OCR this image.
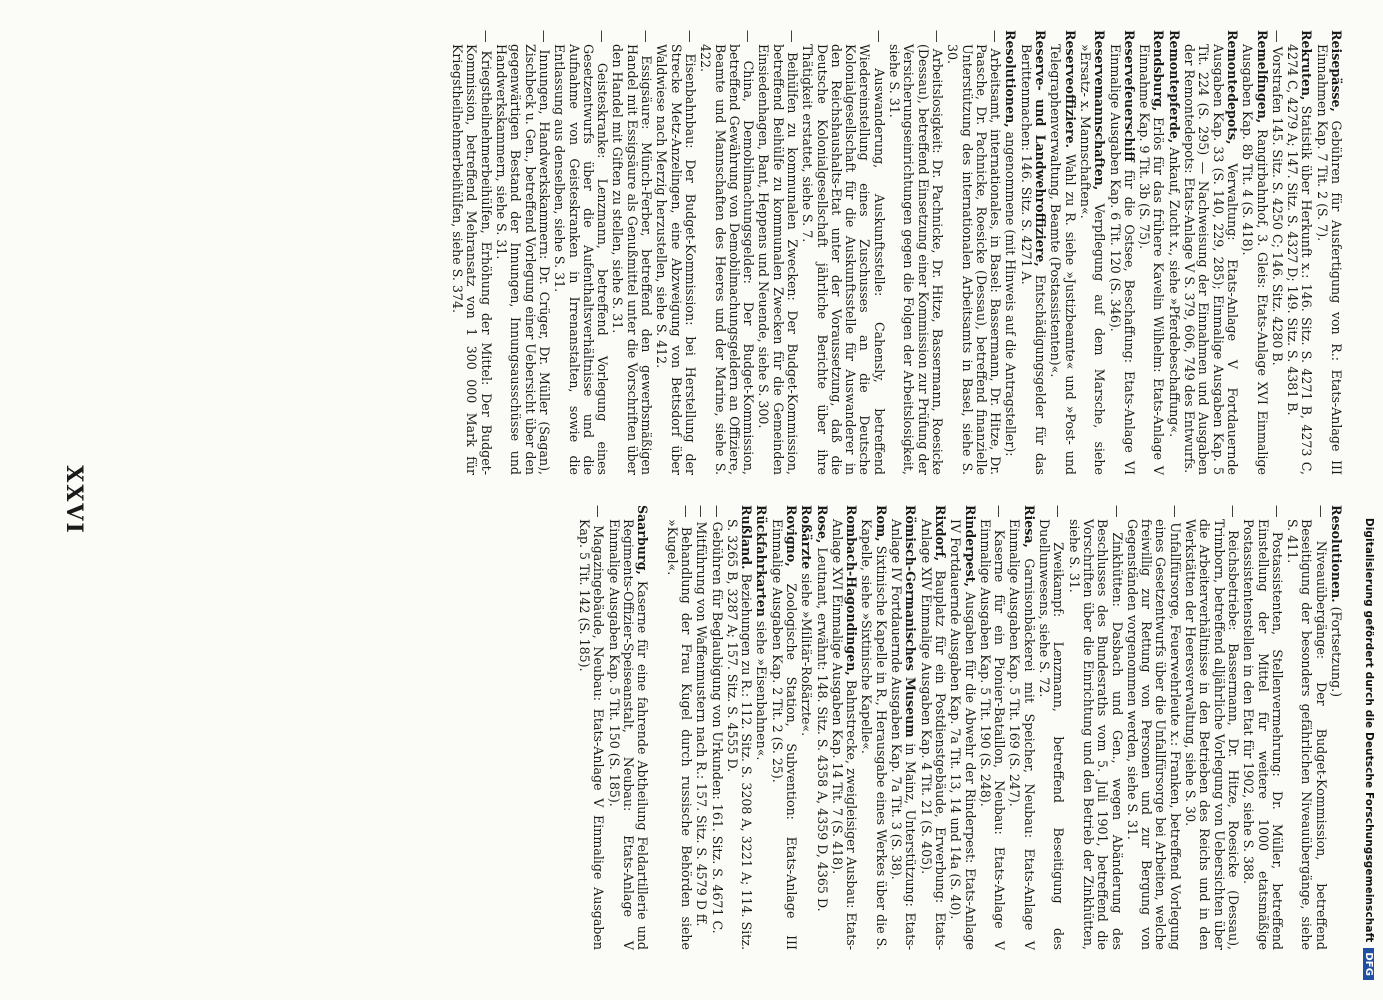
Digitalisierung gefördert durch die Deutsche ForschungsgemeinschaftDFG
Reisepässe, Gebühren für Ausfertigung von R.: Etats-Anlage III Einnahmen Kap. 7 Tit. 2 (S. 7).
Rekruten, Statistik über Herkunft x.: 146. Sitz. S. 4271 B, 4273 C, 4274 C, 4279 A; 147. Sitz. S. 4327 D; 149. Sitz. S. 4381 B.
— Vorstrafen 145. Sitz. S. 4250 C; 146. Sitz. 4280 B.
Remelfingen, Rangirbahnhof, 3. Gleis: Etats-Anlage XVI Einmalige Ausgaben Kap. 8b Tit. 4 (S. 418).
Remontedepots, Verwaltung: Etats-Anlage V Fortdauernde Ausgaben Kap. 33 (S. 140, 229, 285); Einmalige Ausgaben Kap. 5 Tit. 224 (S. 295) — Nachweisung der Einnahmen und Ausgaben der Remontedepots: Etats-Anlage V S. 379, 606, 749 des Entwurfs.
Remontepferde, Ankauf, Zucht x., siehe »Pferdebeschaffung«.
Rendsburg, Erlös für das frühere Kavelin Wilhelm: Etats-Anlage V Einnahme Kap. 9 Tit. 3b (S. 75).
Reservefeuerschiff für die Ostsee, Beschaffung: Etats-Anlage VI Einmalige Ausgaben Kap. 6 Tit. 120 (S. 346).
Reservemannschaften, Verpflegung auf dem Marsche, siehe »Ersatz- x. Mannschaften«.
Reserveoffiziere. Wahl zu R. siehe »Justizbeamte« und »Post- und Telegraphenverwaltung, Beamte (Postassistenten)«.
Reserve- und Landwehroffiziere, Entschädigungsgelder für das Berittenmachen: 146. Sitz. S. 4271 A.
Resolutionen, angenommene (mit Hinweis auf die Antragsteller):
— Arbeitsamt, internationales, in Basel: Bassermann, Dr. Hitze, Dr. Paasche, Dr. Pachnicke, Roesicke (Dessau), betreffend finanzielle Unterstützung des internationalen Arbeitsamts in Basel, siehe S. 30.
— Arbeitslosigkeit: Dr. Pachnicke, Dr. Hitze, Bassermann, Roesicke (Dessau), betreffend Einsetzung einer Kommission zur Prüfung der Versicherungseinrichtungen gegen die Folgen der Arbeitslosigkeit, siehe S. 31.
— Auswanderung, Auskunftsstelle: Cahensly, betreffend Wiedereinstellung eines Zuschusses an die Deutsche Kolonialgesellschaft für die Auskunftsstelle für Auswanderer in den Reichshaushalts-Etat unter der Voraussetzung, daß die Deutsche Kolonialgesellschaft jährliche Berichte über ihre Thätigkeit erstattet, siehe S. 7.
— Beihülfen zu kommunalen Zwecken: Der Budget-Kommission, betreffend Beihülfe zu kommunalen Zwecken für die Gemeinden Einsiedenhagen, Bant, Heppens und Neuende, siehe S. 300.
— China, Demobilmachungsgelder: Der Budget-Kommission, betreffend Gewährung von Demobilmachungsgeldern an Offiziere, Beamte und Mannschaften des Heeres und der Marine, siehe S. 422.
— Eisenbahnbau: Der Budget-Kommission: bei Herstellung der Strecke Metz-Anzelingen, eine Abzweigung von Bettsdorf über Waldwiese nach Merzig herzustellen, siehe S. 412.
— Essigsäure: Münch-Ferber, betreffend den gewerbsmäßigen Handel mit Essigsäure als Genußmittel unter die Vorschriften über den Handel mit Giften zu stellen, siehe S. 31.
— Geisteskranke: Lenzmann, betreffend Vorlegung eines Gesetzentwurfs über die Aufenthaltsverhältnisse und die Aufnahme von Geisteskranken in Irrenanstalten, sowie die Entlassung aus denselben, siehe S. 31.
— Innungen, Handwerkskammern: Dr. Crüger, Dr. Müller (Sagan), Zischbeck u. Gen., betreffend Vorlegung einer Uebersicht über den gegenwärtigen Bestand der Innungen, Innungsausschüsse und Handwerkskammern, siehe S. 31.
— Kriegstheilnehmerbeihülfen, Erhöhung der Mittel: Der Budget-Kommission, betreffend Mehransatz von 1 300 000 Mark für Kriegstheilnehmerbeihülfen, siehe S. 374.
Resolutionen. (Fortsetzung.)
— Niveauübergänge: Der Budget-Kommission, betreffend Beseitigung der besonders gefährlichen Niveauübergänge, siehe S. 411.
— Postassistenten, Stellenvermehrung: Dr. Müller, betreffend Einstellung der Mittel für weitere 1000 etatsmäßige Postassistentenstellen in den Etat für 1902, siehe S. 388.
— Reichsbetriebe: Bassermann, Dr. Hitze, Roesicke (Dessau), Trimborn, betreffend alljährliche Vorlegung von Uebersichten über die Arbeiterverhältnisse in den Betrieben des Reichs und in den Werkstätten der Heeresverwaltung, siehe S. 30.
— Unfallfürsorge, Feuerwehrleute x.: Franken, betreffend Vorlegung eines Gesetzentwurfs über die Unfallfürsorge bei Arbeiten, welche freiwillig zur Rettung von Personen und zur Bergung von Gegenständen vorgenommen werden, siehe S. 31.
— Zinkhütten: Dasbach und Gen., wegen Abänderung des Beschlusses des Bundesraths vom 5. Juli 1901, betreffend die Vorschriften über die Einrichtung und den Betrieb der Zinkhütten, siehe S. 31.
— Zweikampf: Lenzmann, betreffend Beseitigung des Duellunwesens, siehe S. 72.
Riesa, Garnisonbäckerei mit Speicher, Neubau: Etats-Anlage V Einmalige Ausgaben Kap. 5 Tit. 169 (S. 247).
— Kaserne für ein Pionier-Bataillon, Neubau: Etats-Anlage V Einmalige Ausgaben Kap. 5 Tit. 190 (S. 248).
Rinderpest, Ausgaben für die Abwehr der Rinderpest: Etats-Anlage IV Fortdauernde Ausgaben Kap. 7a Tit. 13, 14 und 14a (S. 40).
Rixdorf, Bauplatz für ein Postdienstgebäude, Erwerbung: Etats-Anlage XIV Einmalige Ausgaben Kap. 4 Tit. 21 (S. 405).
Römisch-Germanisches Museum in Mainz, Unterstützung: Etats-Anlage IV Fortdauernde Ausgaben Kap. 7a Tit. 3 (S. 38).
Rom, Sixtinische Kapelle in R., Herausgabe eines Werkes über die S. Kapelle, siehe »Sixtinische Kapelle«.
Rombach-Hagondingen, Bahnstrecke, zweigleisiger Ausbau: Etats-Anlage XVI Einmalige Ausgaben Kap. 14 Tit. 7 (S. 418).
Rose, Leutnant, erwähnt: 148. Sitz. S. 4358 A, 4359 D, 4365 D.
Roßärzte siehe »Militär-Roßärzte«.
Rovigno, Zoologische Station, Subvention: Etats-Anlage III Einmalige Ausgaben Kap. 2 Tit. 2 (S. 25).
Rückfahrkarten siehe »Eisenbahnen«.
Rußland. Beziehungen zu R.: 112. Sitz. S. 3208 A, 3221 A; 114. Sitz. S. 3265 B, 3287 A; 157. Sitz. S. 4555 D.
— Gebühren für Beglaubigung von Urkunden: 161. Sitz. S. 4671 C.
— Mitführung von Waffenmustern nach R.: 157. Sitz. S. 4579 D ff.
— Behandlung der Frau Kugel durch russische Behörden siehe »Kugel«.
Saarburg, Kaserne für eine fahrende Abtheilung Feldartillerie und Regiments-Offizier-Speiseanstalt, Neubau: Etats-Anlage V Einmalige Ausgaben Kap. 5 Tit. 150 (S. 185).
— Magazingebäude, Neubau: Etats-Anlage V Einmalige Ausgaben Kap. 5 Tit. 142 (S. 185).
XXVI
